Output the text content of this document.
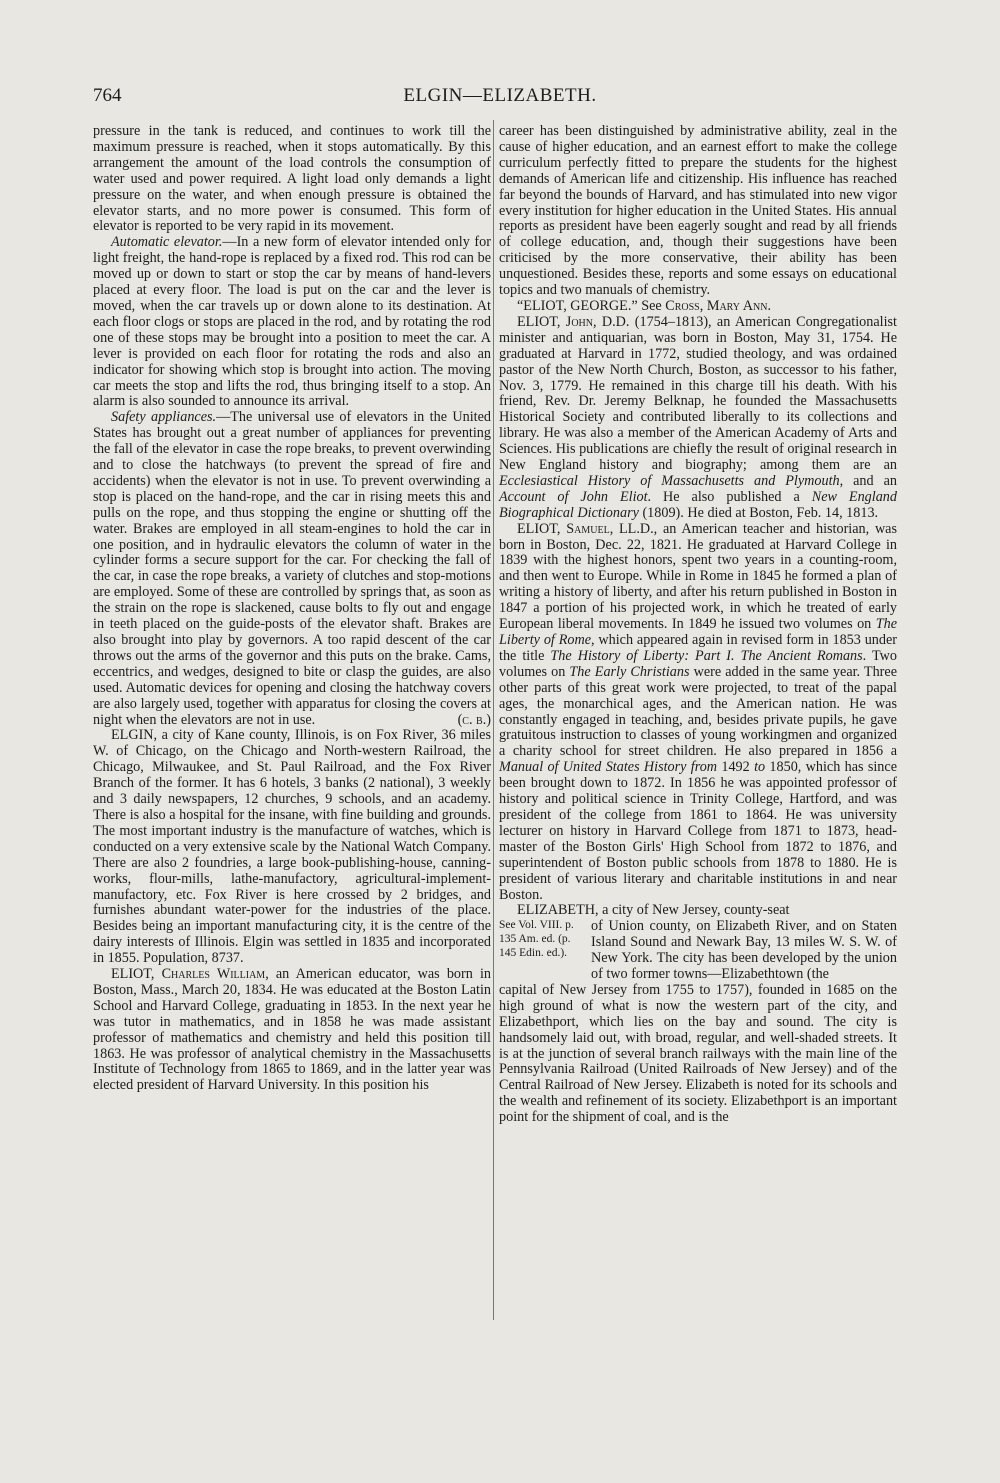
764	ELGIN—ELIZABETH.

pressure in the tank is reduced, and continues to work till the maximum pressure is reached, when it stops automatically. By this arrangement the amount of the load controls the consumption of water used and power required. A light load only demands a light pressure on the water, and when enough pressure is obtained the elevator starts, and no more power is consumed. This form of elevator is reported to be very rapid in its movement.

Automatic elevator.—In a new form of elevator intended only for light freight, the hand-rope is replaced by a fixed rod. This rod can be moved up or down to start or stop the car by means of hand-levers placed at every floor. The load is put on the car and the lever is moved, when the car travels up or down alone to its destination. At each floor clogs or stops are placed in the rod, and by rotating the rod one of these stops may be brought into a position to meet the car. A lever is provided on each floor for rotating the rods and also an indicator for showing which stop is brought into action. The moving car meets the stop and lifts the rod, thus bringing itself to a stop. An alarm is also sounded to announce its arrival.

Safety appliances.—The universal use of elevators in the United States has brought out a great number of appliances for preventing the fall of the elevator in case the rope breaks, to prevent overwinding and to close the hatchways (to prevent the spread of fire and accidents) when the elevator is not in use. To prevent overwinding a stop is placed on the hand-rope, and the car in rising meets this and pulls on the rope, and thus stopping the engine or shutting off the water. Brakes are employed in all steam-engines to hold the car in one position, and in hydraulic elevators the column of water in the cylinder forms a secure support for the car. For checking the fall of the car, in case the rope breaks, a variety of clutches and stop-motions are employed. Some of these are controlled by springs that, as soon as the strain on the rope is slackened, cause bolts to fly out and engage in teeth placed on the guide-posts of the elevator shaft. Brakes are also brought into play by governors. A too rapid descent of the car throws out the arms of the governor and this puts on the brake. Cams, eccentrics, and wedges, designed to bite or clasp the guides, are also used. Automatic devices for opening and closing the hatchway covers are also largely used, together with apparatus for closing the covers at night when the elevators are not in use.	(c. b.)

ELGIN, a city of Kane county, Illinois, is on Fox River, 36 miles W. of Chicago, on the Chicago and North-western Railroad, the Chicago, Milwaukee, and St. Paul Railroad, and the Fox River Branch of the former. It has 6 hotels, 3 banks (2 national), 3 weekly and 3 daily newspapers, 12 churches, 9 schools, and an academy. There is also a hospital for the insane, with fine building and grounds. The most important industry is the manufacture of watches, which is conducted on a very extensive scale by the National Watch Company. There are also 2 foundries, a large book-publishing-house, canning-works, flour-mills, lathe-manufactory, agricultural-implement-manufactory, etc. Fox River is here crossed by 2 bridges, and furnishes abundant water-power for the industries of the place. Besides being an important manufacturing city, it is the centre of the dairy interests of Illinois. Elgin was settled in 1835 and incorporated in 1855. Population, 8737.

ELIOT, Charles William, an American educator, was born in Boston, Mass., March 20, 1834. He was educated at the Boston Latin School and Harvard College, graduating in 1853. In the next year he was tutor in mathematics, and in 1858 he was made assistant professor of mathematics and chemistry and held this position till 1863. He was professor of analytical chemistry in the Massachusetts Institute of Technology from 1865 to 1869, and in the latter year was elected president of Harvard University. In this position his

career has been distinguished by administrative ability, zeal in the cause of higher education, and an earnest effort to make the college curriculum perfectly fitted to prepare the students for the highest demands of American life and citizenship. His influence has reached far beyond the bounds of Harvard, and has stimulated into new vigor every institution for higher education in the United States. His annual reports as president have been eagerly sought and read by all friends of college education, and, though their suggestions have been criticised by the more conservative, their ability has been unquestioned. Besides these, reports and some essays on educational topics and two manuals of chemistry.

“ELIOT, GEORGE.” See Cross, Mary Ann.

ELIOT, John, D.D. (1754–1813), an American Congregationalist minister and antiquarian, was born in Boston, May 31, 1754. He graduated at Harvard in 1772, studied theology, and was ordained pastor of the New North Church, Boston, as successor to his father, Nov. 3, 1779. He remained in this charge till his death. With his friend, Rev. Dr. Jeremy Belknap, he founded the Massachusetts Historical Society and contributed liberally to its collections and library. He was also a member of the American Academy of Arts and Sciences. His publications are chiefly the result of original research in New England history and biography; among them are an Ecclesiastical History of Massachusetts and Plymouth, and an Account of John Eliot. He also published a New England Biographical Dictionary (1809). He died at Boston, Feb. 14, 1813.

ELIOT, Samuel, LL.D., an American teacher and historian, was born in Boston, Dec. 22, 1821. He graduated at Harvard College in 1839 with the highest honors, spent two years in a counting-room, and then went to Europe. While in Rome in 1845 he formed a plan of writing a history of liberty, and after his return published in Boston in 1847 a portion of his projected work, in which he treated of early European liberal movements. In 1849 he issued two volumes on The Liberty of Rome, which appeared again in revised form in 1853 under the title The History of Liberty: Part I. The Ancient Romans. Two volumes on The Early Christians were added in the same year. Three other parts of this great work were projected, to treat of the papal ages, the monarchical ages, and the American nation. He was constantly engaged in teaching, and, besides private pupils, he gave gratuitous instruction to classes of young workingmen and organized a charity school for street children. He also prepared in 1856 a Manual of United States History from 1492 to 1850, which has since been brought down to 1872. In 1856 he was appointed professor of history and political science in Trinity College, Hartford, and was president of the college from 1861 to 1864. He was university lecturer on history in Harvard College from 1871 to 1873, head-master of the Boston Girls' High School from 1872 to 1876, and superintendent of Boston public schools from 1878 to 1880. He is president of various literary and charitable institutions in and near Boston.

ELIZABETH, a city of New Jersey, county-seat

See Vol. VIII. p. 135 Am. ed. (p. 145 Edin. ed.).

of Union county, on Elizabeth River, and on Staten Island Sound and Newark Bay, 13 miles W. S. W. of New York. The city has been developed by the union of two former towns—Elizabethtown (the

capital of New Jersey from 1755 to 1757), founded in 1685 on the high ground of what is now the western part of the city, and Elizabethport, which lies on the bay and sound. The city is handsomely laid out, with broad, regular, and well-shaded streets. It is at the junction of several branch railways with the main line of the Pennsylvania Railroad (United Railroads of New Jersey) and of the Central Railroad of New Jersey. Elizabeth is noted for its schools and the wealth and refinement of its society. Elizabethport is an important point for the shipment of coal, and is the
